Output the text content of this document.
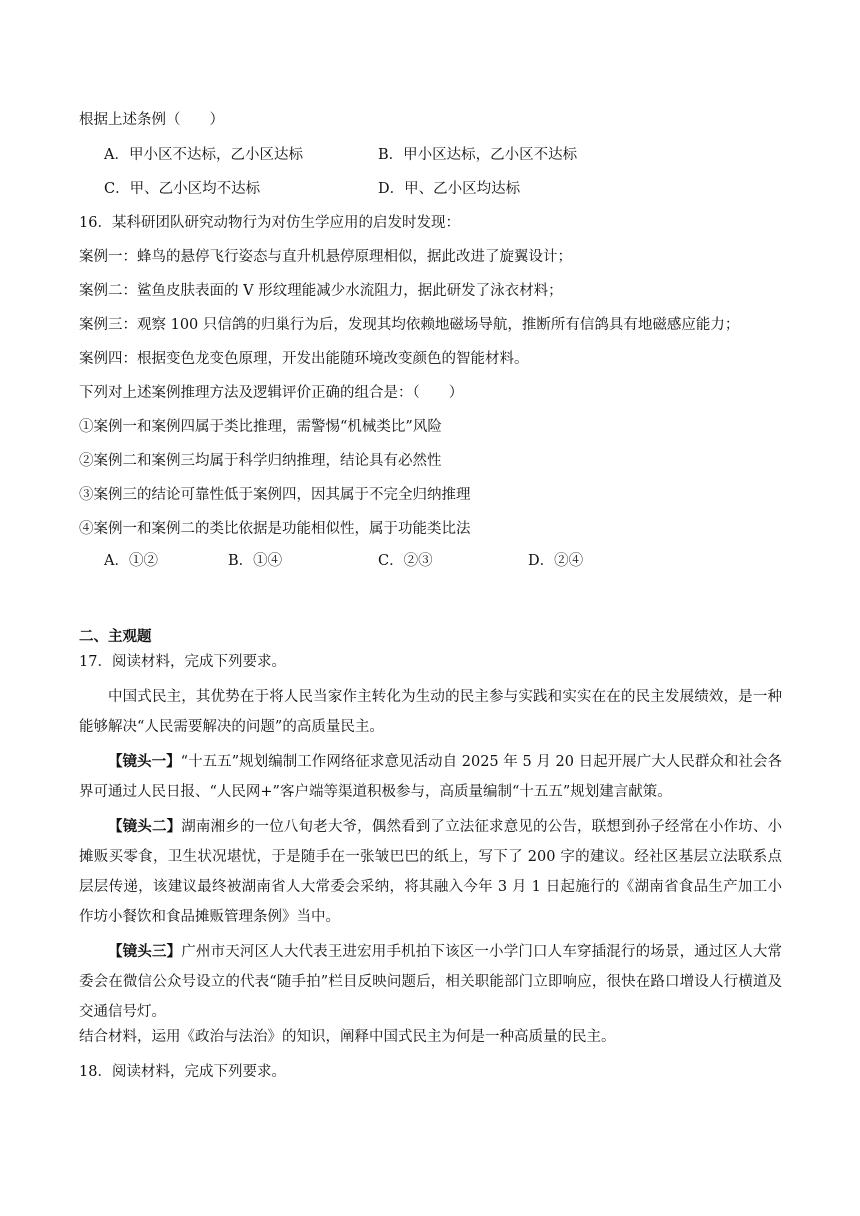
根据上述条例（　　）
A．甲小区不达标，乙小区达标	B．甲小区达标，乙小区不达标
C．甲、乙小区均不达标	D．甲、乙小区均达标
16．某科研团队研究动物行为对仿生学应用的启发时发现：
案例一：蜂鸟的悬停飞行姿态与直升机悬停原理相似，据此改进了旋翼设计；
案例二：鲨鱼皮肤表面的 V 形纹理能减少水流阻力，据此研发了泳衣材料；
案例三：观察 100 只信鸽的归巢行为后，发现其均依赖地磁场导航，推断所有信鸽具有地磁感应能力；
案例四：根据变色龙变色原理，开发出能随环境改变颜色的智能材料。
下列对上述案例推理方法及逻辑评价正确的组合是：（　　）
①案例一和案例四属于类比推理，需警惕“机械类比”风险
②案例二和案例三均属于科学归纳推理，结论具有必然性
③案例三的结论可靠性低于案例四，因其属于不完全归纳推理
④案例一和案例二的类比依据是功能相似性，属于功能类比法
A．①②	B．①④	C．②③	D．②④
二、主观题
17．阅读材料，完成下列要求。
中国式民主，其优势在于将人民当家作主转化为生动的民主参与实践和实实在在的民主发展绩效，是一种能够解决“人民需要解决的问题”的高质量民主。
【镜头一】“十五五”规划编制工作网络征求意见活动自 2025 年 5 月 20 日起开展广大人民群众和社会各界可通过人民日报、“人民网+”客户端等渠道积极参与，高质量编制“十五五”规划建言献策。
【镜头二】湖南湘乡的一位八旬老大爷，偶然看到了立法征求意见的公告，联想到孙子经常在小作坊、小摊贩买零食，卫生状况堪忧，于是随手在一张皱巴巴的纸上，写下了 200 字的建议。经社区基层立法联系点层层传递，该建议最终被湖南省人大常委会采纳，将其融入今年 3 月 1 日起施行的《湖南省食品生产加工小作坊小餐饮和食品摊贩管理条例》当中。
【镜头三】广州市天河区人大代表王进宏用手机拍下该区一小学门口人车穿插混行的场景，通过区人大常委会在微信公众号设立的代表“随手拍”栏目反映问题后，相关职能部门立即响应，很快在路口增设人行横道及交通信号灯。
结合材料，运用《政治与法治》的知识，阐释中国式民主为何是一种高质量的民主。
18．阅读材料，完成下列要求。
